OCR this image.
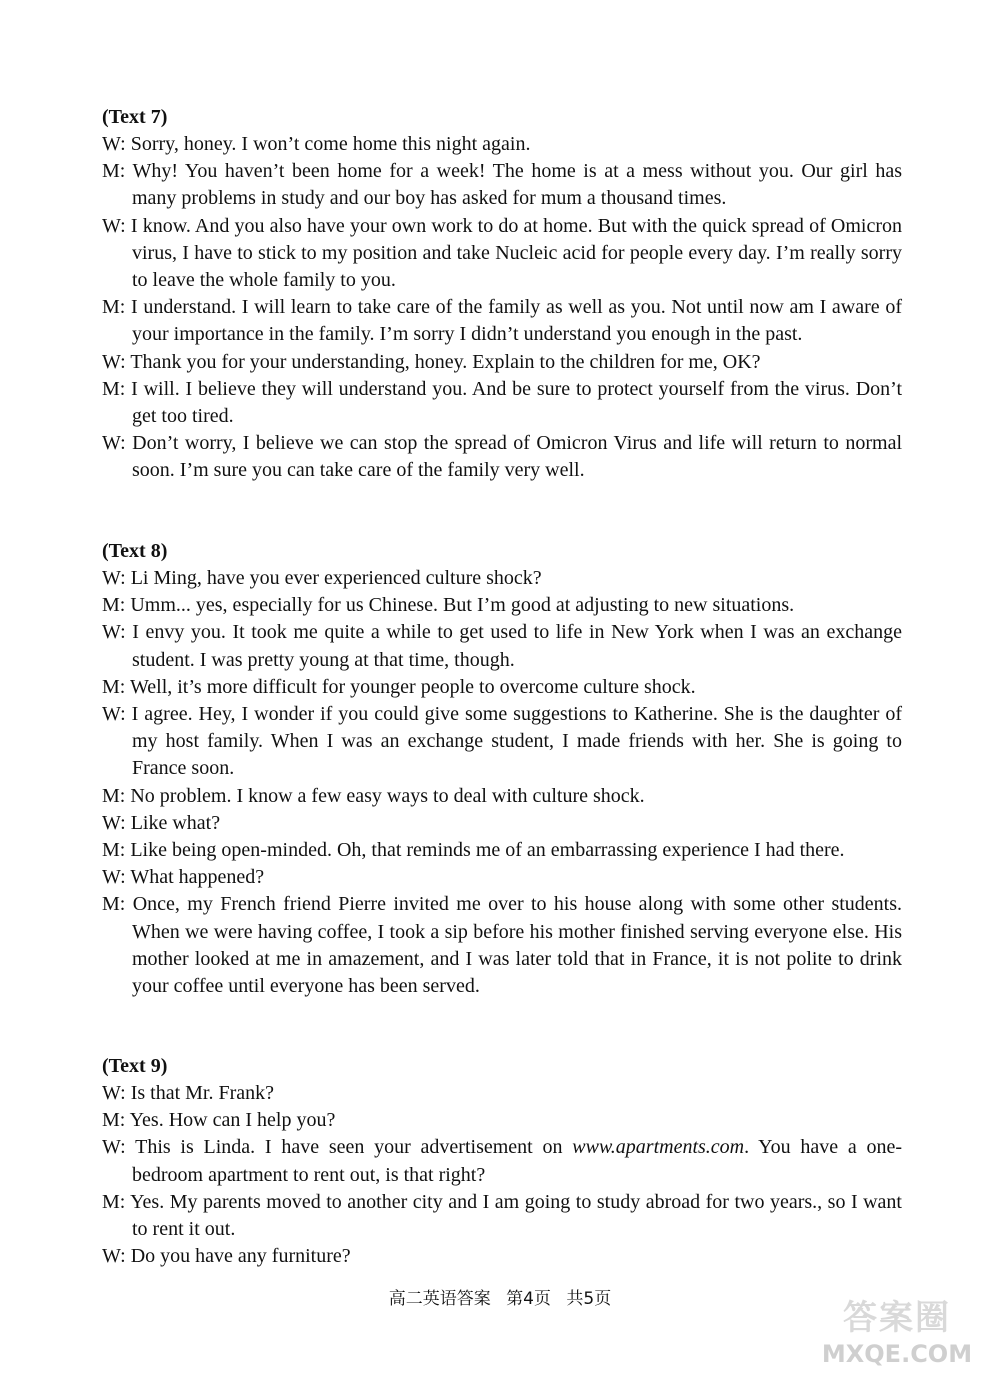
(Text 7)
W: Sorry, honey. I won’t come home this night again.
M: Why! You haven’t been home for a week! The home is at a mess without you. Our girl has many problems in study and our boy has asked for mum a thousand times.
W: I know. And you also have your own work to do at home. But with the quick spread of Omicron virus, I have to stick to my position and take Nucleic acid for people every day. I’m really sorry to leave the whole family to you.
M: I understand. I will learn to take care of the family as well as you. Not until now am I aware of your importance in the family. I’m sorry I didn’t understand you enough in the past.
W: Thank you for your understanding, honey. Explain to the children for me, OK?
M: I will. I believe they will understand you. And be sure to protect yourself from the virus. Don’t get too tired.
W: Don’t worry, I believe we can stop the spread of Omicron Virus and life will return to normal soon. I’m sure you can take care of the family very well.
(Text 8)
W: Li Ming, have you ever experienced culture shock?
M: Umm... yes, especially for us Chinese. But I’m good at adjusting to new situations.
W: I envy you. It took me quite a while to get used to life in New York when I was an exchange student. I was pretty young at that time, though.
M: Well, it’s more difficult for younger people to overcome culture shock.
W: I agree. Hey, I wonder if you could give some suggestions to Katherine. She is the daughter of my host family. When I was an exchange student, I made friends with her. She is going to France soon.
M: No problem. I know a few easy ways to deal with culture shock.
W: Like what?
M: Like being open-minded. Oh, that reminds me of an embarrassing experience I had there.
W: What happened?
M: Once, my French friend Pierre invited me over to his house along with some other students. When we were having coffee, I took a sip before his mother finished serving everyone else. His mother looked at me in amazement, and I was later told that in France, it is not polite to drink your coffee until everyone has been served.
(Text 9)
W: Is that Mr. Frank?
M: Yes. How can I help you?
W: This is Linda. I have seen your advertisement on www.apartments.com. You have a one-bedroom apartment to rent out, is that right?
M: Yes. My parents moved to another city and I am going to study abroad for two years., so I want to rent it out.
W: Do you have any furniture?
高二英语答案 第4页 共5页	答案圈
MXQE.COM
